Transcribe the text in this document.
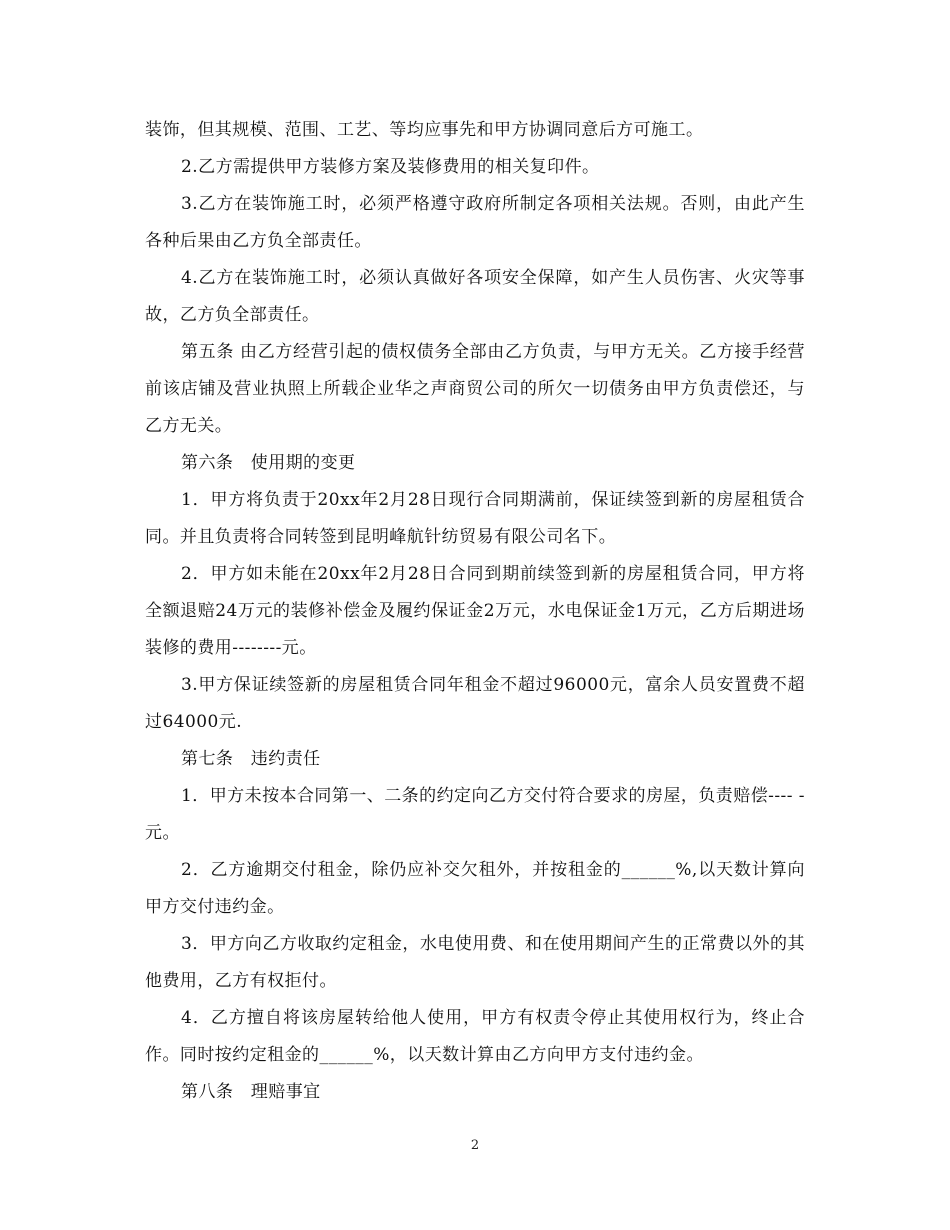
装饰，但其规模、范围、工艺、等均应事先和甲方协调同意后方可施工。

2.乙方需提供甲方装修方案及装修费用的相关复印件。

3.乙方在装饰施工时，必须严格遵守政府所制定各项相关法规。否则，由此产生各种后果由乙方负全部责任。

4.乙方在装饰施工时，必须认真做好各项安全保障，如产生人员伤害、火灾等事故，乙方负全部责任。

第五条 由乙方经营引起的债权债务全部由乙方负责，与甲方无关。乙方接手经营前该店铺及营业执照上所载企业华之声商贸公司的所欠一切债务由甲方负责偿还，与乙方无关。

第六条　使用期的变更

1．甲方将负责于20xx年2月28日现行合同期满前，保证续签到新的房屋租赁合同。并且负责将合同转签到昆明峰航针纺贸易有限公司名下。

2．甲方如未能在20xx年2月28日合同到期前续签到新的房屋租赁合同，甲方将全额退赔24万元的装修补偿金及履约保证金2万元，水电保证金1万元，乙方后期进场装修的费用--------元。

3.甲方保证续签新的房屋租赁合同年租金不超过96000元，富余人员安置费不超过64000元.

第七条　违约责任

1．甲方未按本合同第一、二条的约定向乙方交付符合要求的房屋，负责赔偿---- -元。

2．乙方逾期交付租金，除仍应补交欠租外，并按租金的______%,以天数计算向甲方交付违约金。

3．甲方向乙方收取约定租金，水电使用费、和在使用期间产生的正常费以外的其他费用，乙方有权拒付。

4．乙方擅自将该房屋转给他人使用，甲方有权责令停止其使用权行为，终止合作。同时按约定租金的______%，以天数计算由乙方向甲方支付违约金。

第八条　理赔事宜

2
